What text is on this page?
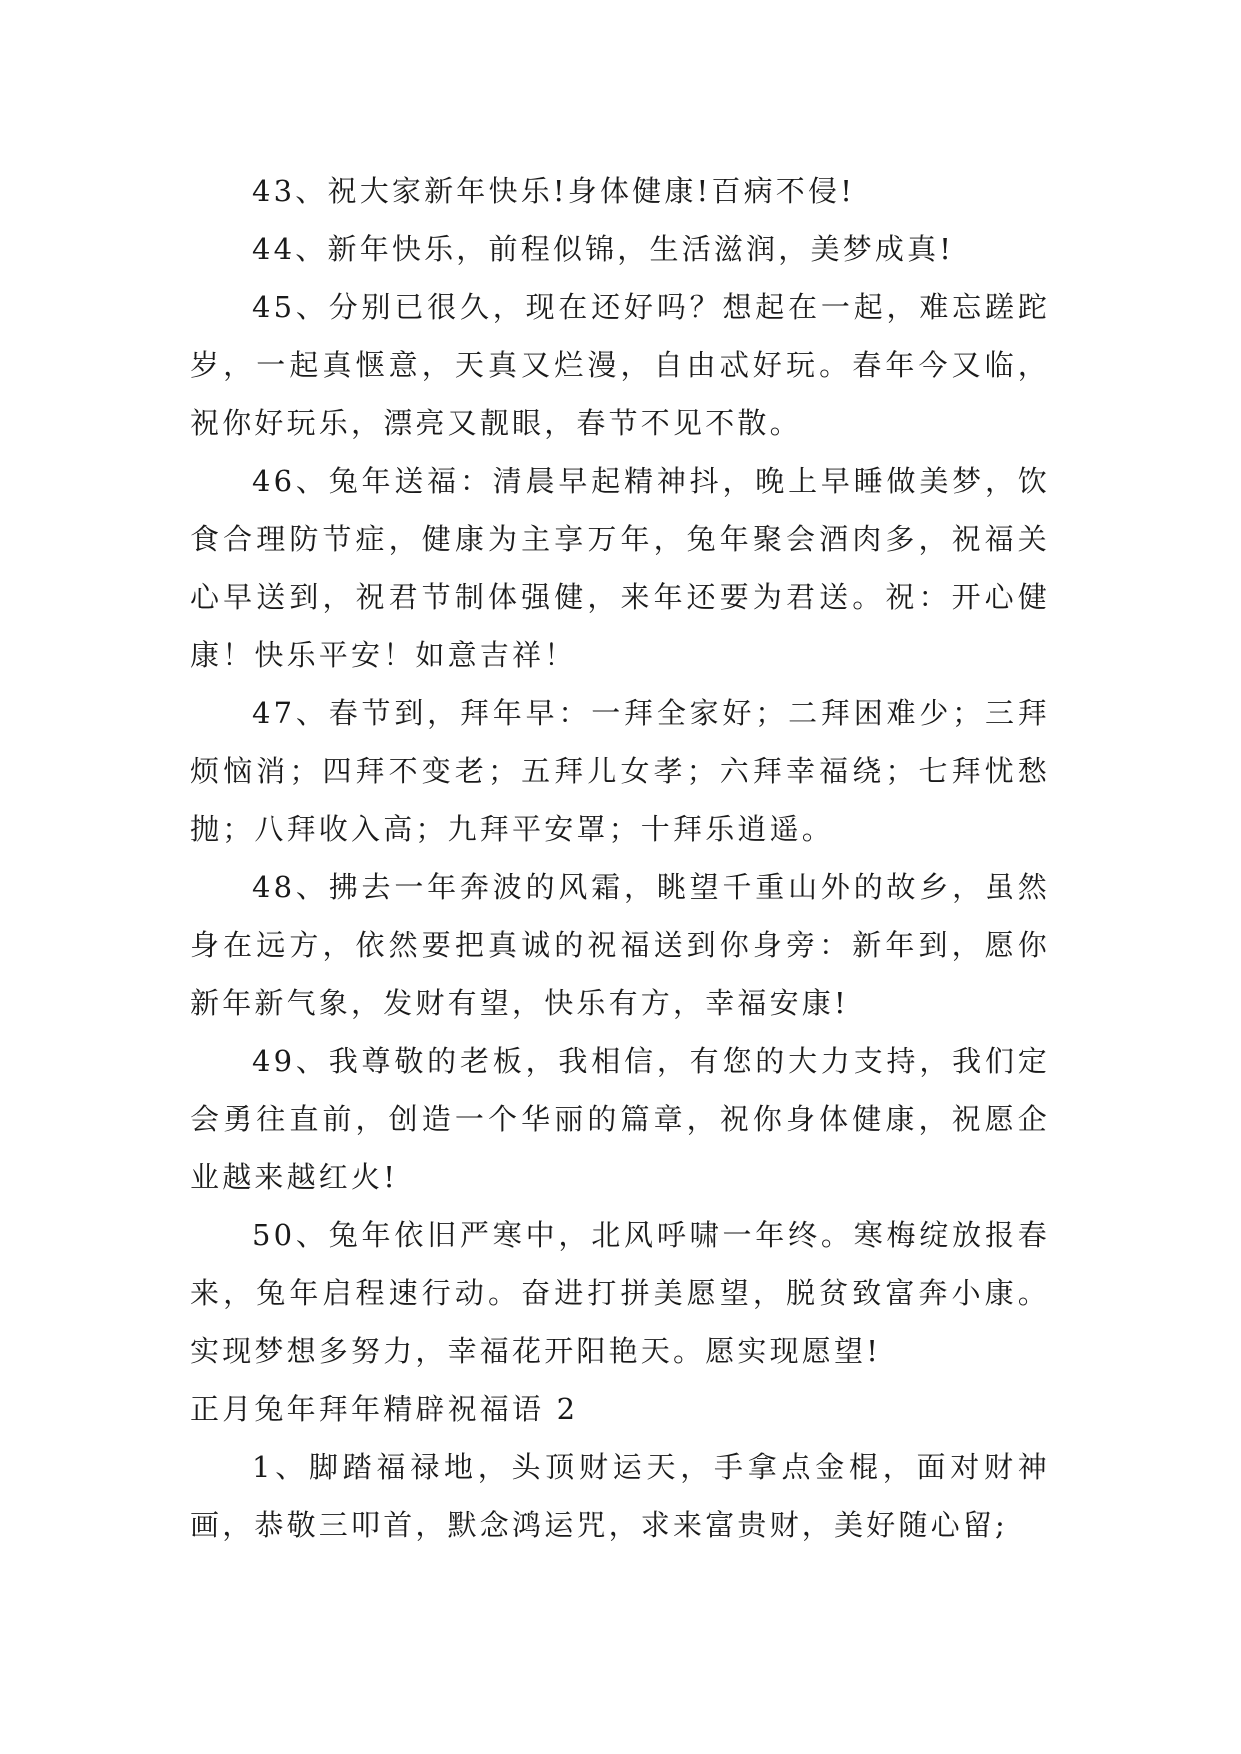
43、祝大家新年快乐!身体健康!百病不侵!

44、新年快乐，前程似锦，生活滋润，美梦成真!

45、分别已很久，现在还好吗？想起在一起，难忘蹉跎岁，一起真惬意，天真又烂漫，自由忒好玩。春年今又临，祝你好玩乐，漂亮又靓眼，春节不见不散。

46、兔年送福：清晨早起精神抖，晚上早睡做美梦，饮食合理防节症，健康为主享万年，兔年聚会酒肉多，祝福关心早送到，祝君节制体强健，来年还要为君送。祝：开心健康！快乐平安！如意吉祥！

47、春节到，拜年早：一拜全家好；二拜困难少；三拜烦恼消；四拜不变老；五拜儿女孝；六拜幸福绕；七拜忧愁抛；八拜收入高；九拜平安罩；十拜乐逍遥。

48、拂去一年奔波的风霜，眺望千重山外的故乡，虽然身在远方，依然要把真诚的祝福送到你身旁：新年到，愿你新年新气象，发财有望，快乐有方，幸福安康!

49、我尊敬的老板，我相信，有您的大力支持，我们定会勇往直前，创造一个华丽的篇章，祝你身体健康，祝愿企业越来越红火!

50、兔年依旧严寒中，北风呼啸一年终。寒梅绽放报春来，兔年启程速行动。奋进打拼美愿望，脱贫致富奔小康。实现梦想多努力，幸福花开阳艳天。愿实现愿望!

正月兔年拜年精辟祝福语 2

1、脚踏福禄地，头顶财运天，手拿点金棍，面对财神画，恭敬三叩首，默念鸿运咒，求来富贵财，美好随心留;
